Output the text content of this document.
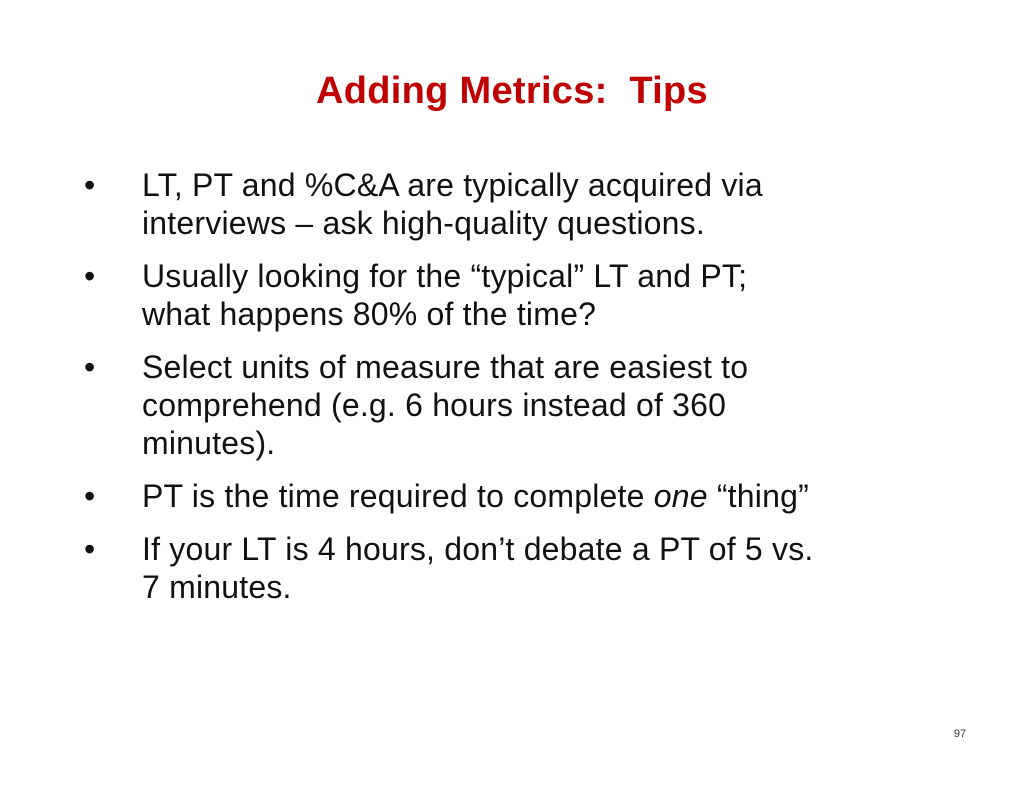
Adding Metrics:  Tips
•	LT, PT and %C&A are typically acquired via
interviews – ask high-quality questions.
•	Usually looking for the “typical” LT and PT;
what happens 80% of the time?
•	Select units of measure that are easiest to
comprehend (e.g. 6 hours instead of 360
minutes).
•	PT is the time required to complete one “thing”
•	If your LT is 4 hours, don’t debate a PT of 5 vs.
7 minutes.
97
